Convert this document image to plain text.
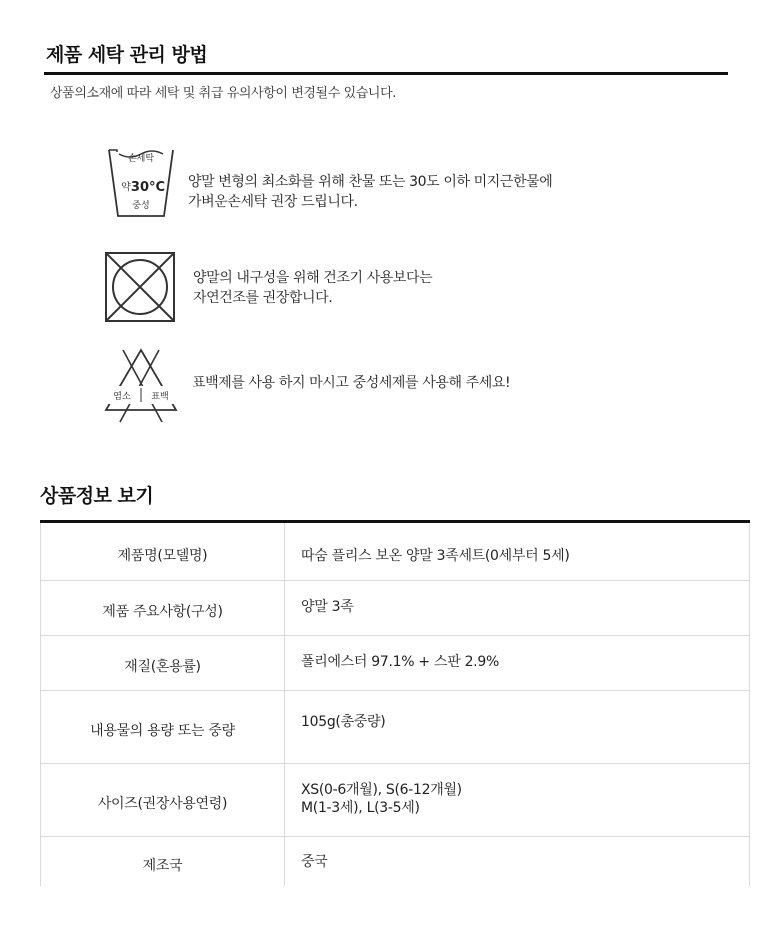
제품 세탁 관리 방법
상품의소재에 따라 세탁 및 취급 유의사항이 변경될수 있습니다.
손세탁
약 30°C
중성
양말 변형의 최소화를 위해 찬물 또는 30도 이하 미지근한물에
가벼운손세탁 권장 드립니다.
양말의 내구성을 위해 건조기 사용보다는
자연건조를 권장합니다.
염소 표백
표백제를 사용 하지 마시고 중성세제를 사용해 주세요!
상품정보 보기
제품명(모델명)	따숨 플리스 보온 양말 3족세트(0세부터 5세)

제품 주요사항(구성)	양말 3족

재질(혼용률)	폴리에스터 97.1% + 스판 2.9%

내용물의 용량 또는 중량	105g(총중량)

사이즈(권장사용연령)	XS(0-6개월), S(6-12개월)
M(1-3세), L(3-5세)

제조국	중국
